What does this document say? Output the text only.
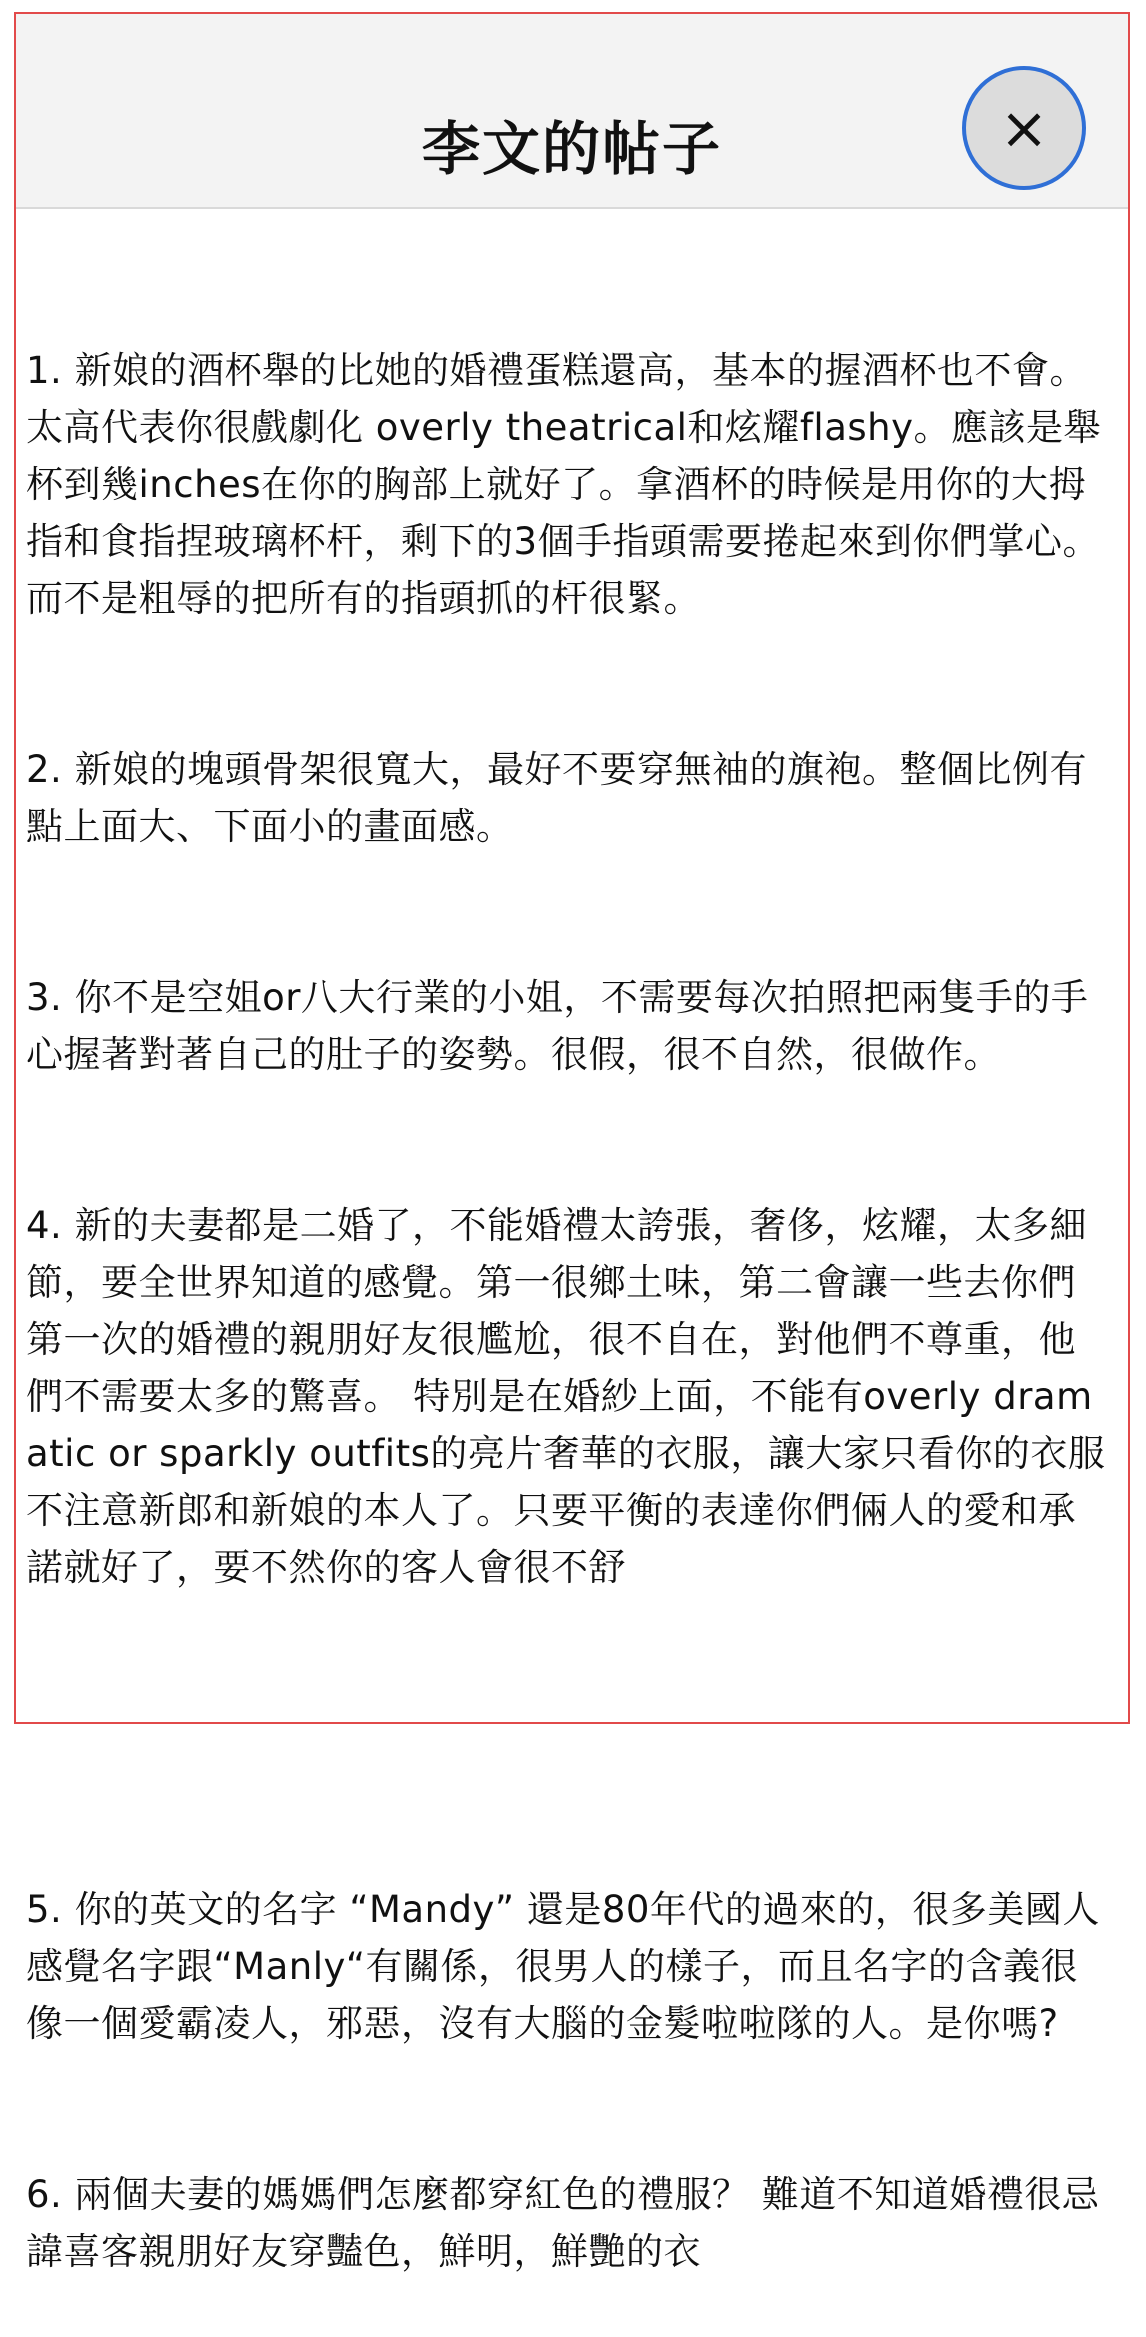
李文的帖子	×

1. 新娘的酒杯舉的比她的婚禮蛋糕還高，基本的握酒杯也不會。太高代表你很戲劇化 overly theatrical和炫耀flashy。應該是舉杯到幾inches在你的胸部上就好了。拿酒杯的時候是用你的大拇指和食指捏玻璃杯杆，剩下的3個手指頭需要捲起來到你們掌心。而不是粗辱的把所有的指頭抓的杆很緊。

2. 新娘的塊頭骨架很寬大，最好不要穿無袖的旗袍。整個比例有點上面大、下面小的畫面感。

3. 你不是空姐or八大行業的小姐，不需要每次拍照把兩隻手的手心握著對著自己的肚子的姿勢。很假，很不自然，很做作。

4. 新的夫妻都是二婚了，不能婚禮太誇張，奢侈，炫耀，太多細節，要全世界知道的感覺。第一很鄉土味，第二會讓一些去你們第一次的婚禮的親朋好友很尷尬，很不自在，對他們不尊重，他們不需要太多的驚喜。 特別是在婚紗上面，不能有overly dramatic or sparkly outfits的亮片奢華的衣服，讓大家只看你的衣服不注意新郎和新娘的本人了。只要平衡的表達你們倆人的愛和承諾就好了，要不然你的客人會很不舒

5. 你的英文的名字 “Mandy” 還是80年代的過來的，很多美國人感覺名字跟“Manly“有關係，很男人的樣子，而且名字的含義很像一個愛霸凌人，邪惡，沒有大腦的金髮啦啦隊的人。是你嗎?

6. 兩個夫妻的媽媽們怎麼都穿紅色的禮服？ 難道不知道婚禮很忌諱喜客親朋好友穿豔色，鮮明，鮮艷的衣
